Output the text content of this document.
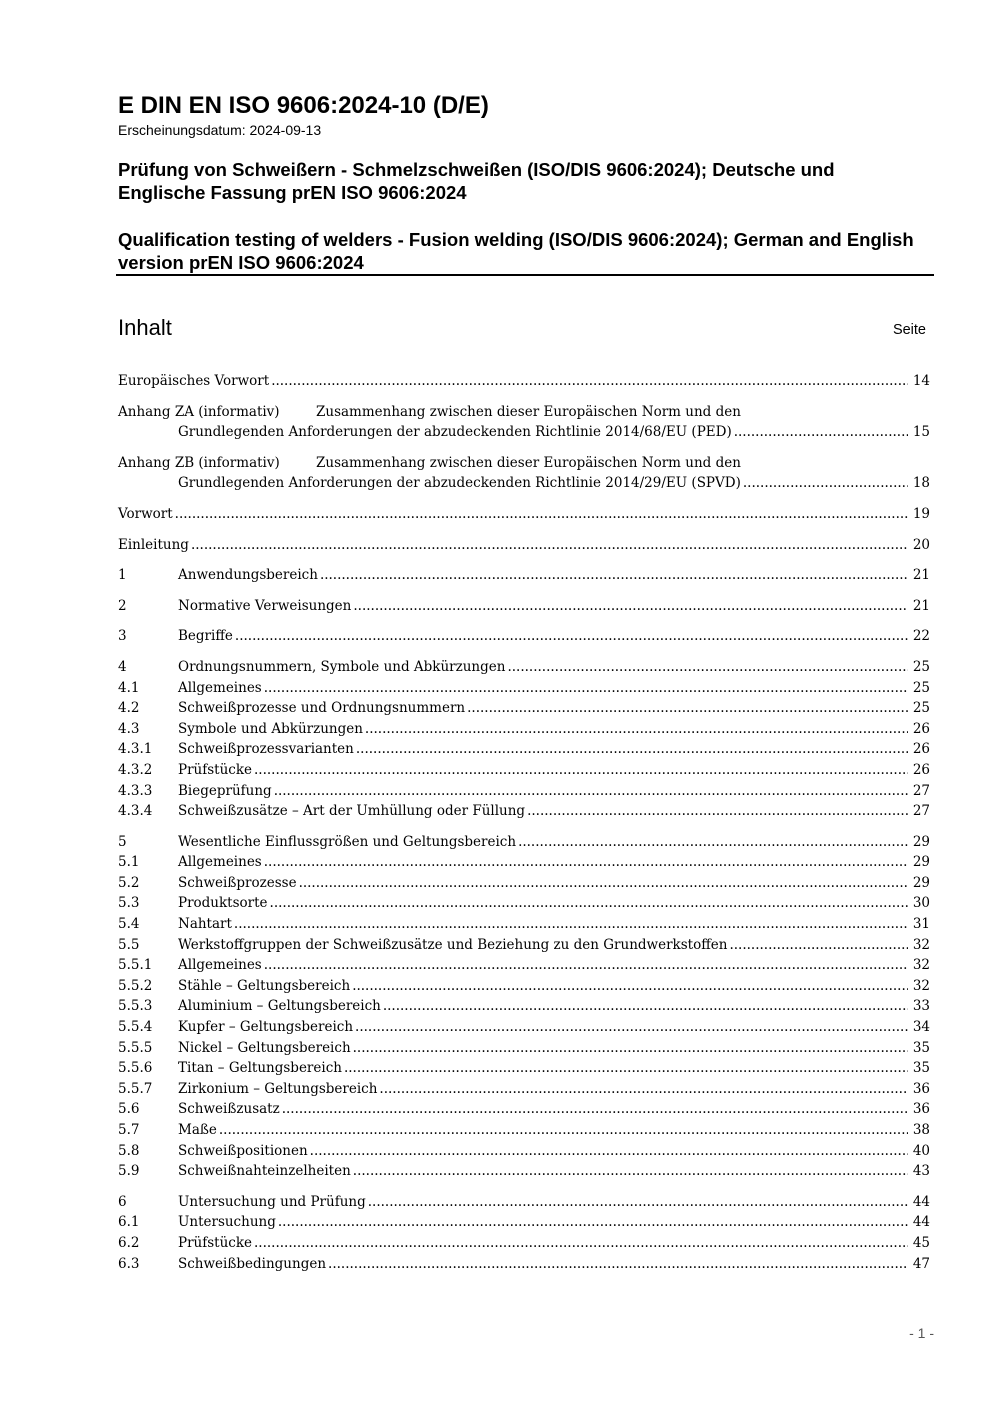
E DIN EN ISO 9606:2024-10 (D/E)
Erscheinungsdatum: 2024-09-13
Prüfung von Schweißern - Schmelzschweißen (ISO/DIS 9606:2024); Deutsche und Englische Fassung prEN ISO 9606:2024
Qualification testing of welders - Fusion welding (ISO/DIS 9606:2024); German and English version prEN ISO 9606:2024
Inhalt	Seite
Europäisches Vorwort .....	14
Anhang ZA (informativ)	Zusammenhang zwischen dieser Europäischen Norm und den
Grundlegenden Anforderungen der abzudeckenden Richtlinie 2014/68/EU (PED) .....	15
Anhang ZB (informativ)	Zusammenhang zwischen dieser Europäischen Norm und den
Grundlegenden Anforderungen der abzudeckenden Richtlinie 2014/29/EU (SPVD) .....	18
Vorwort .....	19
Einleitung .....	20
1	Anwendungsbereich .....	21
2	Normative Verweisungen .....	21
3	Begriffe .....	22
4	Ordnungsnummern, Symbole und Abkürzungen .....	25
4.1	Allgemeines .....	25
4.2	Schweißprozesse und Ordnungsnummern .....	25
4.3	Symbole und Abkürzungen .....	26
4.3.1 Schweißprozessvarianten .....	26
4.3.2 Prüfstücke .....	26
4.3.3 Biegeprüfung .....	27
4.3.4 Schweißzusätze – Art der Umhüllung oder Füllung .....	27
5	Wesentliche Einflussgrößen und Geltungsbereich .....	29
5.1	Allgemeines .....	29
5.2	Schweißprozesse .....	29
5.3	Produktsorte .....	30
5.4	Nahtart .....	31
5.5	Werkstoffgruppen der Schweißzusätze und Beziehung zu den Grundwerkstoffen .....	32
5.5.1 Allgemeines .....	32
5.5.2 Stähle – Geltungsbereich .....	32
5.5.3 Aluminium – Geltungsbereich .....	33
5.5.4 Kupfer – Geltungsbereich .....	34
5.5.5 Nickel – Geltungsbereich .....	35
5.5.6 Titan – Geltungsbereich .....	35
5.5.7 Zirkonium – Geltungsbereich .....	36
5.6	Schweißzusatz .....	36
5.7	Maße .....	38
5.8	Schweißpositionen .....	40
5.9	Schweißnahteinzelheiten .....	43
6	Untersuchung und Prüfung .....	44
6.1	Untersuchung .....	44
6.2	Prüfstücke .....	45
6.3	Schweißbedingungen .....	47
- 1 -
